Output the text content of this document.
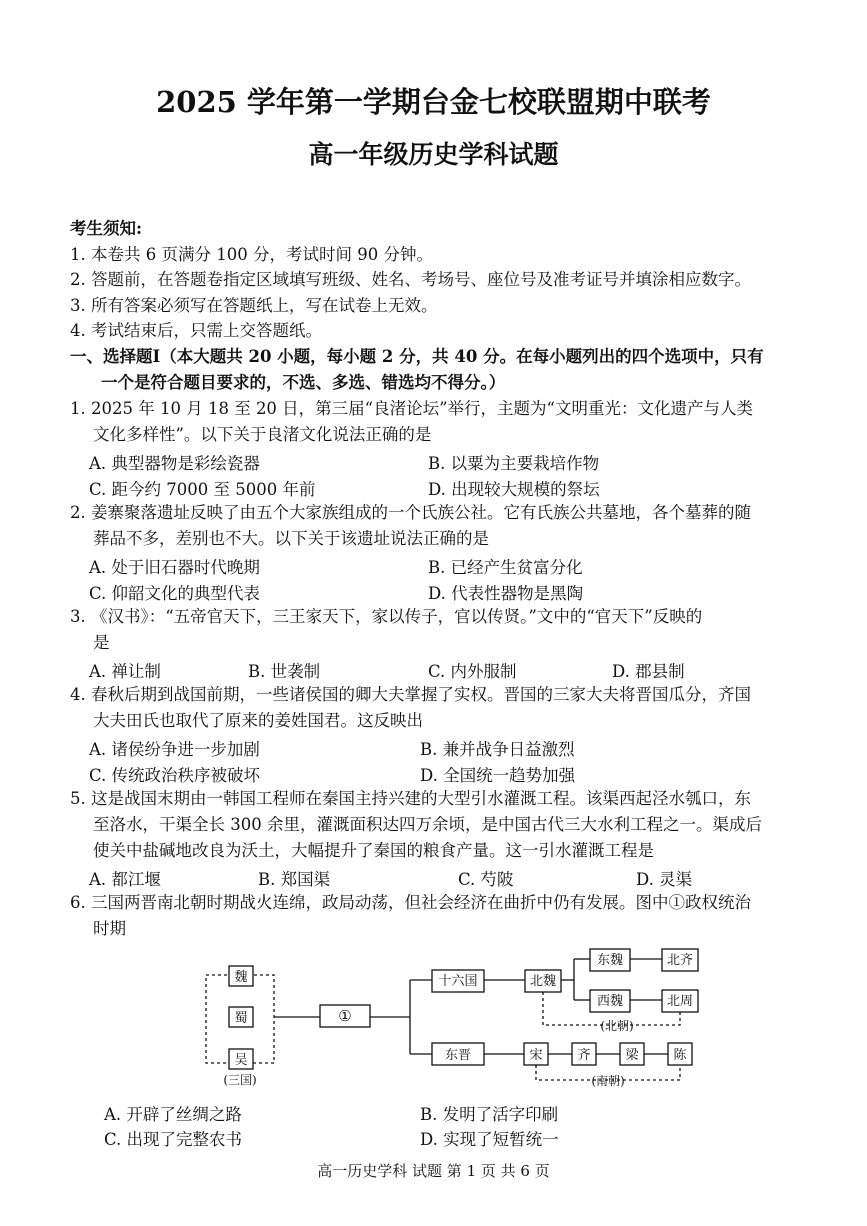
2025 学年第一学期台金七校联盟期中联考
高一年级历史学科试题
考生须知:
1. 本卷共 6 页满分 100 分，考试时间 90 分钟。
2. 答题前，在答题卷指定区域填写班级、姓名、考场号、座位号及准考证号并填涂相应数字。
3. 所有答案必须写在答题纸上，写在试卷上无效。
4. 考试结束后，只需上交答题纸。
一、选择题Ⅰ（本大题共 20 小题，每小题 2 分，共 40 分。在每小题列出的四个选项中，只有
一个是符合题目要求的，不选、多选、错选均不得分。）
1. 2025 年 10 月 18 至 20 日，第三届“良渚论坛”举行，主题为“文明重光：文化遗产与人类
文化多样性”。以下关于良渚文化说法正确的是
A. 典型器物是彩绘瓷器	B. 以粟为主要栽培作物
C. 距今约 7000 至 5000 年前	D. 出现较大规模的祭坛
2. 姜寨聚落遗址反映了由五个大家族组成的一个氏族公社。它有氏族公共墓地，各个墓葬的随
葬品不多，差别也不大。以下关于该遗址说法正确的是
A. 处于旧石器时代晚期	B. 已经产生贫富分化
C. 仰韶文化的典型代表	D. 代表性器物是黑陶
3. 《汉书》：“五帝官天下，三王家天下，家以传子，官以传贤。”文中的“官天下”反映的
是
A. 禅让制	B. 世袭制	C. 内外服制	D. 郡县制
4. 春秋后期到战国前期，一些诸侯国的卿大夫掌握了实权。晋国的三家大夫将晋国瓜分，齐国
大夫田氏也取代了原来的姜姓国君。这反映出
A. 诸侯纷争进一步加剧	B. 兼并战争日益激烈
C. 传统政治秩序被破坏	D. 全国统一趋势加强
5. 这是战国末期由一韩国工程师在秦国主持兴建的大型引水灌溉工程。该渠西起泾水瓠口，东
至洛水，干渠全长 300 余里，灌溉面积达四万余顷，是中国古代三大水利工程之一。渠成后
使关中盐碱地改良为沃土，大幅提升了秦国的粮食产量。这一引水灌溉工程是
A. 都江堰	B. 郑国渠	C. 芍陂	D. 灵渠
6. 三国两晋南北朝时期战火连绵，政局动荡，但社会经济在曲折中仍有发展。图中①政权统治
时期
魏
蜀
吴
(三国)
①
十六国	北魏
东魏	北齐
西魏	北周
(北朝)
东晋	宋	齐	梁	陈
(南朝)
A. 开辟了丝绸之路	B. 发明了活字印刷
C. 出现了完整农书	D. 实现了短暂统一
高一历史学科 试题 第 1 页 共 6 页
